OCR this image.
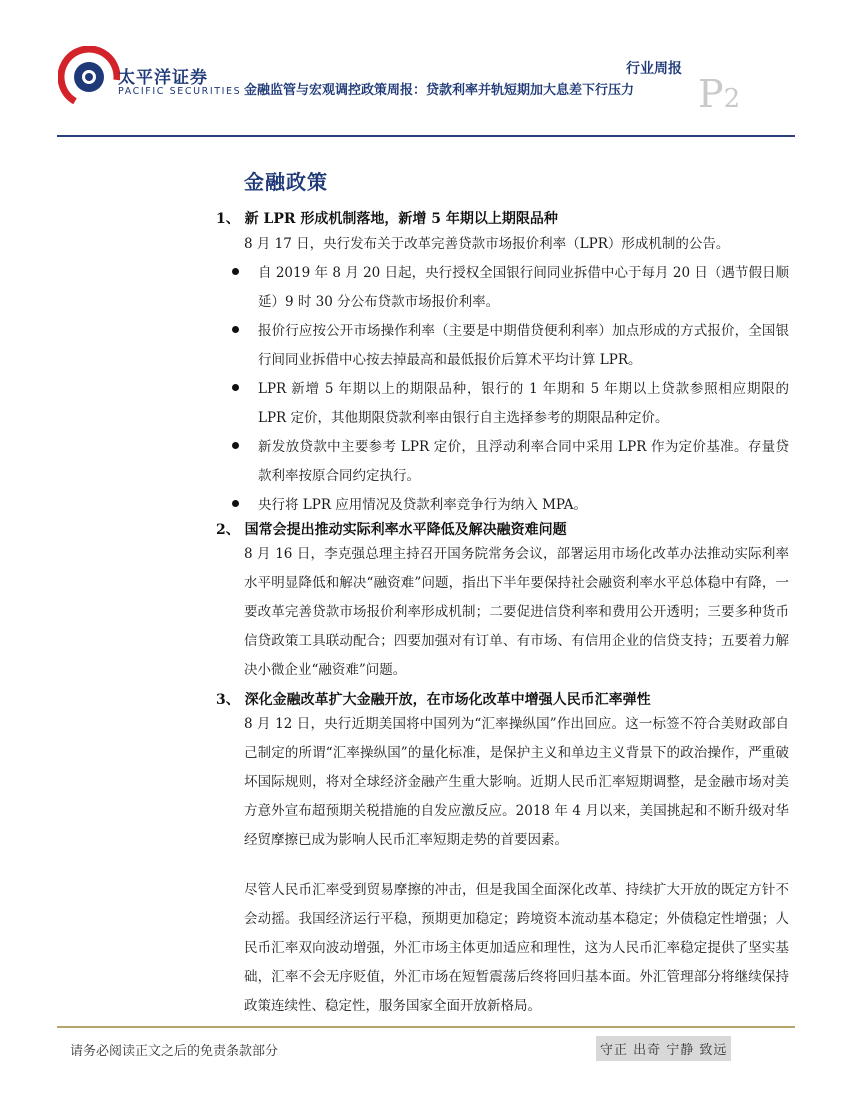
太平洋证券
PACIFIC SECURITIES
行业周报
金融监管与宏观调控政策周报：贷款利率并轨短期加大息差下行压力 P2
金融政策
1、 新 LPR 形成机制落地，新增 5 年期以上期限品种
8 月 17 日，央行发布关于改革完善贷款市场报价利率（LPR）形成机制的公告。
自 2019 年 8 月 20 日起，央行授权全国银行间同业拆借中心于每月 20 日（遇节假日顺延）9 时 30 分公布贷款市场报价利率。
报价行应按公开市场操作利率（主要是中期借贷便利利率）加点形成的方式报价，全国银行间同业拆借中心按去掉最高和最低报价后算术平均计算 LPR。
LPR 新增 5 年期以上的期限品种，银行的 1 年期和 5 年期以上贷款参照相应期限的 LPR 定价，其他期限贷款利率由银行自主选择参考的期限品种定价。
新发放贷款中主要参考 LPR 定价，且浮动利率合同中采用 LPR 作为定价基准。存量贷款利率按原合同约定执行。
央行将 LPR 应用情况及贷款利率竞争行为纳入 MPA。
2、 国常会提出推动实际利率水平降低及解决融资难问题
8 月 16 日，李克强总理主持召开国务院常务会议，部署运用市场化改革办法推动实际利率水平明显降低和解决“融资难”问题，指出下半年要保持社会融资利率水平总体稳中有降，一要改革完善贷款市场报价利率形成机制；二要促进信贷利率和费用公开透明；三要多种货币信贷政策工具联动配合；四要加强对有订单、有市场、有信用企业的信贷支持；五要着力解决小微企业“融资难”问题。
3、 深化金融改革扩大金融开放，在市场化改革中增强人民币汇率弹性
8 月 12 日，央行近期美国将中国列为“汇率操纵国”作出回应。这一标签不符合美财政部自己制定的所谓“汇率操纵国”的量化标准，是保护主义和单边主义背景下的政治操作，严重破坏国际规则，将对全球经济金融产生重大影响。近期人民币汇率短期调整，是金融市场对美方意外宣布超预期关税措施的自发应激反应。2018 年 4 月以来，美国挑起和不断升级对华经贸摩擦已成为影响人民币汇率短期走势的首要因素。
尽管人民币汇率受到贸易摩擦的冲击，但是我国全面深化改革、持续扩大开放的既定方针不会动摇。我国经济运行平稳，预期更加稳定；跨境资本流动基本稳定；外债稳定性增强；人民币汇率双向波动增强，外汇市场主体更加适应和理性，这为人民币汇率稳定提供了坚实基础，汇率不会无序贬值，外汇市场在短暂震荡后终将回归基本面。外汇管理部分将继续保持政策连续性、稳定性，服务国家全面开放新格局。
请务必阅读正文之后的免责条款部分	守正 出奇 宁静 致远
